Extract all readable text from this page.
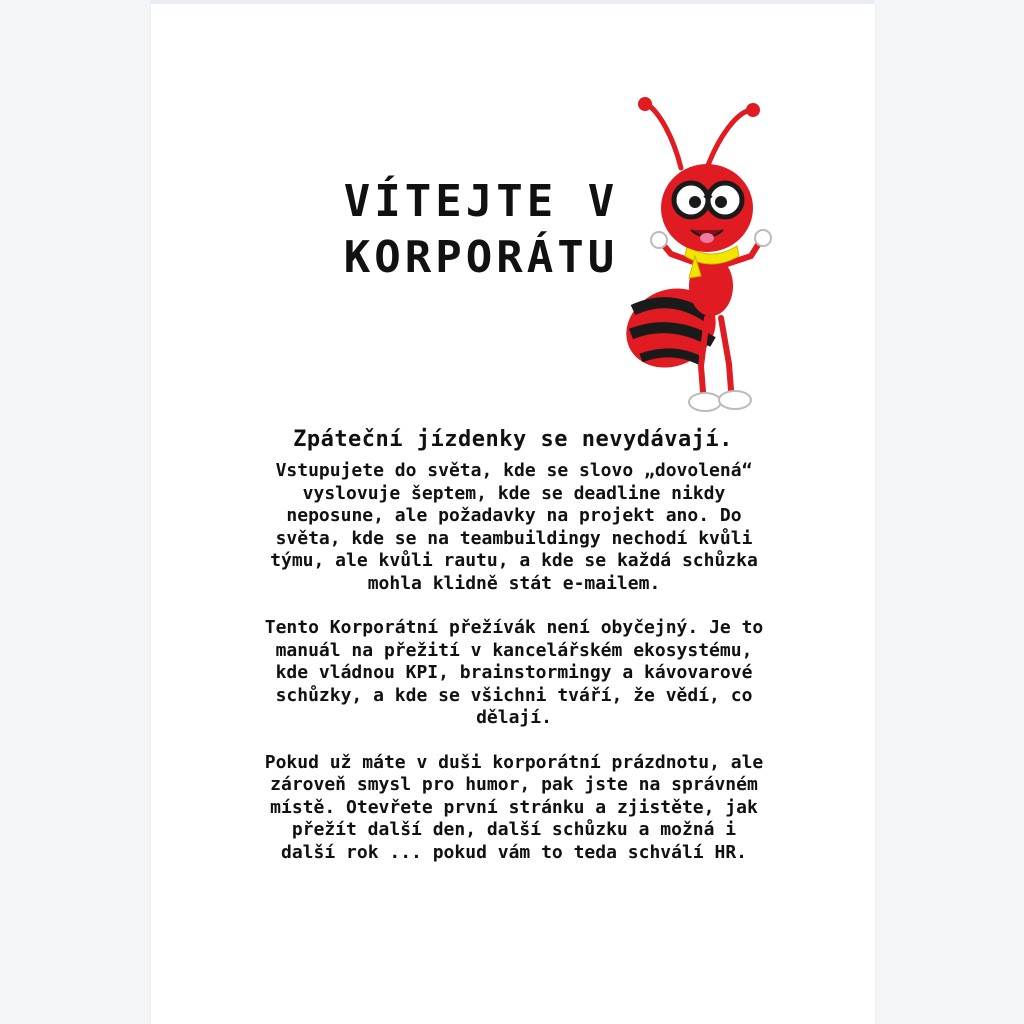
VÍTEJTE V KORPORÁTU
Zpáteční jízdenky se nevydávají.

Vstupujete do světa, kde se slovo „dovolená“ vyslovuje šeptem, kde se deadline nikdy neposune, ale požadavky na projekt ano. Do světa, kde se na teambuildingy nechodí kvůli týmu, ale kvůli rautu, a kde se každá schůzka mohla klidně stát e-mailem.

Tento Korporátní přežívák není obyčejný. Je to manuál na přežití v kancelářském ekosystému, kde vládnou KPI, brainstormingy a kávovarové schůzky, a kde se všichni tváří, že vědí, co dělají.

Pokud už máte v duši korporátní prázdnotu, ale zároveň smysl pro humor, pak jste na správném místě. Otevřete první stránku a zjistěte, jak přežít další den, další schůzku a možná i další rok ... pokud vám to teda schválí HR.
